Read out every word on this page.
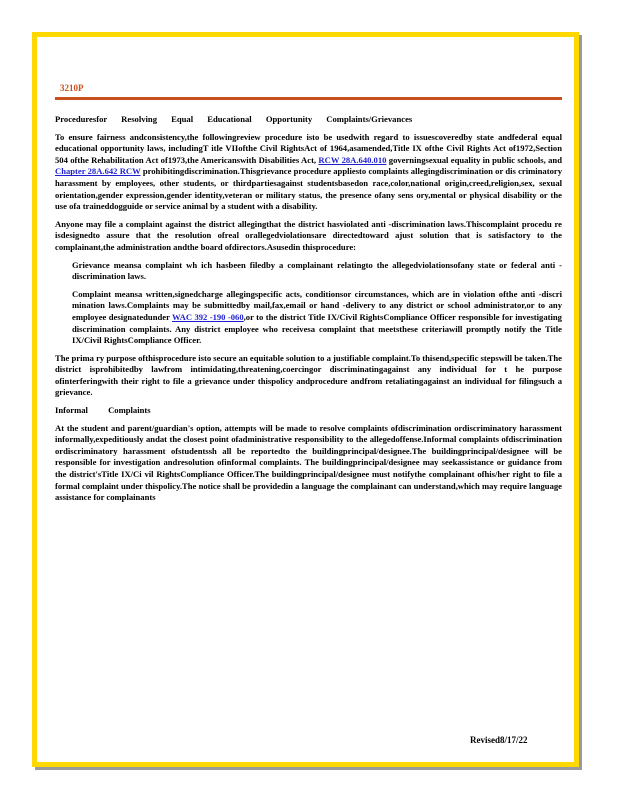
3210P

Proceduresfor Resolving Equal Educational Opportunity Complaints/Grievances

To ensure fairness andconsistency,the followingreview procedure isto be usedwith regard to issuescoveredby state andfederal equal educational opportunity laws, includingT itle VIIofthe Civil RightsAct of 1964,asamended,Title IX ofthe Civil Rights Act of1972,Section 504 ofthe Rehabilitation Act of1973,the Americanswith Disabilities Act, RCW 28A.640.010 governingsexual equality in public schools, and Chapter 28A.642 RCW prohibitingdiscrimination.Thisgrievance procedure appliesto complaints allegingdiscrimination or dis criminatory harassment by employees, other students, or thirdpartiesagainst studentsbasedon race,color,national origin,creed,religion,sex, sexual orientation,gender expression,gender identity,veteran or military status, the presence ofany sens ory,mental or physical disability or the use ofa traineddogguide or service animal by a student with a disability.

Anyone may file a complaint against the district allegingthat the district hasviolated anti -discrimination laws.Thiscomplaint procedu re isdesignedto assure that the resolution ofreal orallegedviolationsare directedtoward ajust solution that is satisfactory to the complainant,the administration andthe board ofdirectors.Asusedin thisprocedure:

Grievance meansa complaint wh ich hasbeen filedby a complainant relatingto the allegedviolationsofany state or federal anti -discrimination laws.
Complaint meansa written,signedcharge allegingspecific acts, conditionsor circumstances, which are in violation ofthe anti -discri mination laws.Complaints may be submittedby mail,fax,email or hand -delivery to any district or school administrator,or to any employee designatedunder WAC 392 -190 -060,or to the district Title IX/Civil RightsCompliance Officer responsible for investigating discrimination complaints. Any district employee who receivesa complaint that meetsthese criteriawill promptly notify the Title IX/Civil RightsCompliance Officer.

The prima ry purpose ofthisprocedure isto secure an equitable solution to a justifiable complaint.To thisend,specific stepswill be taken.The district isprohibitedby lawfrom intimidating,threatening,coercingor discriminatingagainst any individual for t he purpose ofinterferingwith their right to file a grievance under thispolicy andprocedure andfrom retaliatingagainst an individual for filingsuch a grievance.

Informal Complaints

At the student and parent/guardian's option, attempts will be made to resolve complaints ofdiscrimination ordiscriminatory harassment informally,expeditiously andat the closest point ofadministrative responsibility to the allegedoffense.Informal complaints ofdiscrimination ordiscriminatory harassment ofstudentssh all be reportedto the buildingprincipal/designee.The buildingprincipal/designee will be responsible for investigation andresolution ofinformal complaints. The buildingprincipal/designee may seekassistance or guidance from the district'sTitle IX/Ci vil RightsCompliance Officer.The buildingprincipal/designee must notifythe complainant ofhis/her right to file a formal complaint under thispolicy.The notice shall be providedin a language the complainant can understand,which may require language assistance for complainants

Revised8/17/22
